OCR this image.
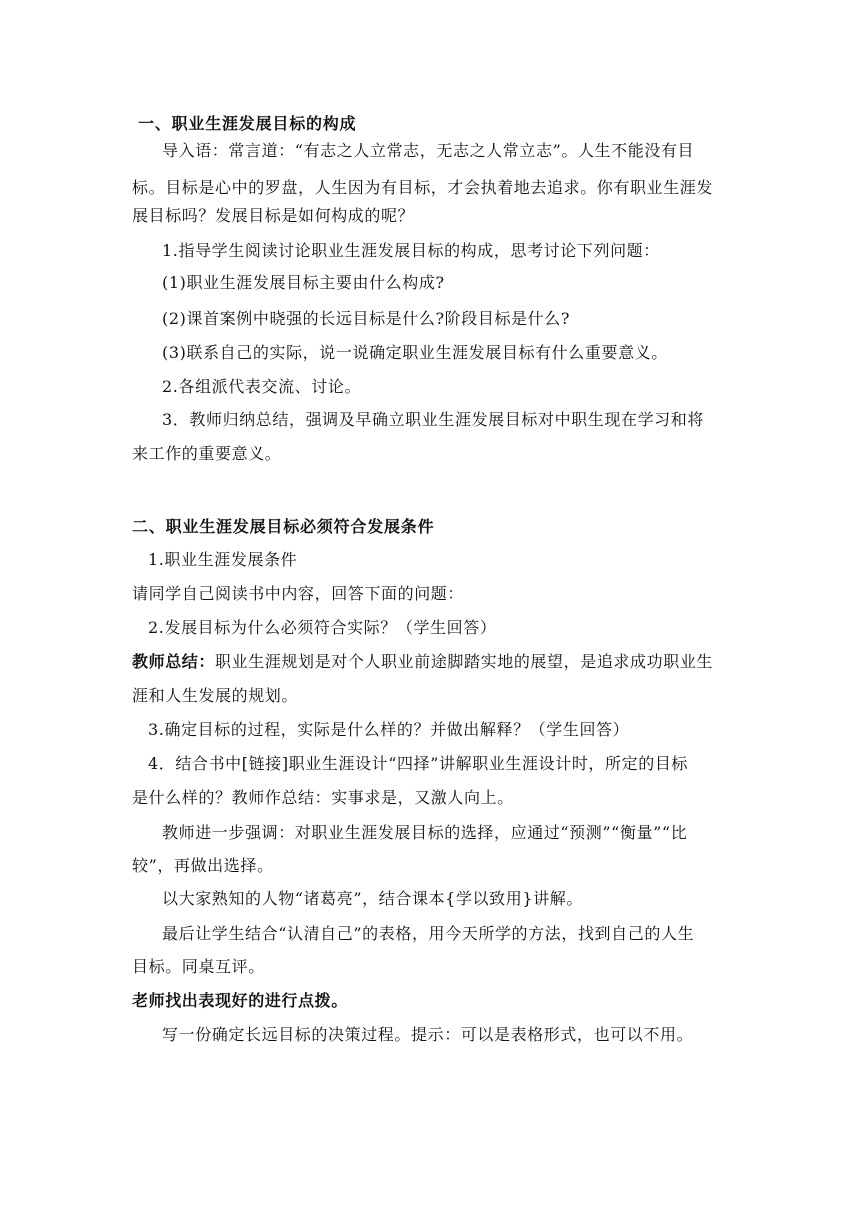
一、职业生涯发展目标的构成
导入语：常言道：“有志之人立常志，无志之人常立志”。人生不能没有目
标。目标是心中的罗盘，人生因为有目标，才会执着地去追求。你有职业生涯发
展目标吗？发展目标是如何构成的呢？
1.指导学生阅读讨论职业生涯发展目标的构成，思考讨论下列问题：
(1)职业生涯发展目标主要由什么构成?
(2)课首案例中晓强的长远目标是什么?阶段目标是什么?
(3)联系自己的实际，说一说确定职业生涯发展目标有什么重要意义。
2.各组派代表交流、讨论。
3．教师归纳总结，强调及早确立职业生涯发展目标对中职生现在学习和将
来工作的重要意义。
二、职业生涯发展目标必须符合发展条件
1.职业生涯发展条件
请同学自己阅读书中内容，回答下面的问题：
2.发展目标为什么必须符合实际？（学生回答）
教师总结：职业生涯规划是对个人职业前途脚踏实地的展望，是追求成功职业生
涯和人生发展的规划。
3.确定目标的过程，实际是什么样的？并做出解释？（学生回答）
4．结合书中[链接]职业生涯设计“四择”讲解职业生涯设计时，所定的目标
是什么样的？教师作总结：实事求是，又激人向上。
教师进一步强调：对职业生涯发展目标的选择，应通过“预测”“衡量”“比
较”，再做出选择。
以大家熟知的人物“诸葛亮”，结合课本{学以致用}讲解。
最后让学生结合“认清自己”的表格，用今天所学的方法，找到自己的人生
目标。同桌互评。
老师找出表现好的进行点拨。
写一份确定长远目标的决策过程。提示：可以是表格形式，也可以不用。
